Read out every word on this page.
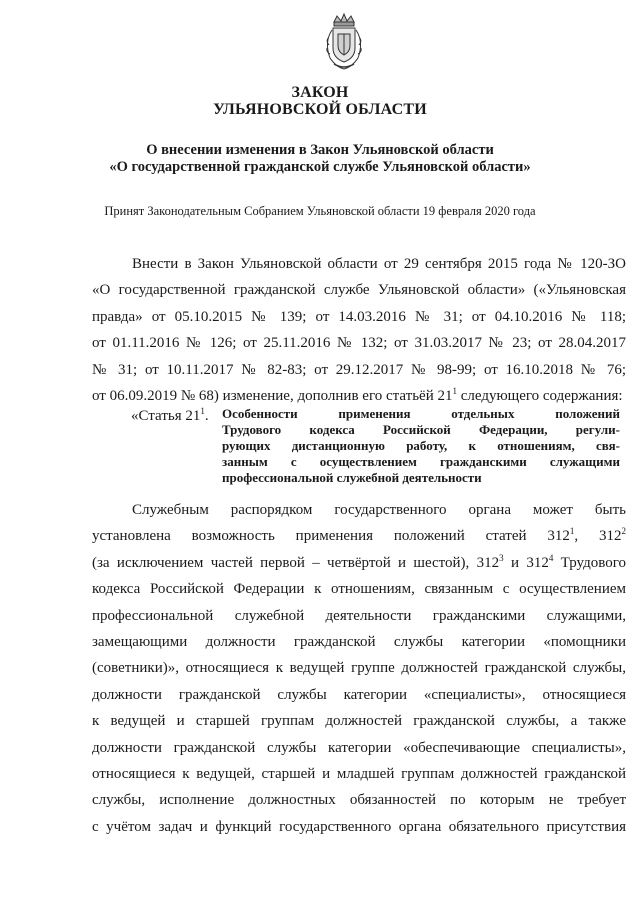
ЗАКОН
УЛЬЯНОВСКОЙ ОБЛАСТИ
О внесении изменения в Закон Ульяновской области
«О государственной гражданской службе Ульяновской области»
Принят Законодательным Собранием Ульяновской области 19 февраля 2020 года
Внести в Закон Ульяновской области от 29 сентября 2015 года № 120-ЗО
«О государственной гражданской службе Ульяновской области» («Ульяновская
правда» от 05.10.2015 № 139; от 14.03.2016 № 31; от 04.10.2016 № 118;
от 01.11.2016 № 126; от 25.11.2016 № 132; от 31.03.2017 № 23; от 28.04.2017
№ 31; от 10.11.2017 № 82-83; от 29.12.2017 № 98-99; от 16.10.2018 № 76;
от 06.09.2019 № 68) изменение, дополнив его статьёй $21^1$ следующего содержания:
«Статья $21^1$. Особенности применения отдельных положений
Трудового кодекса Российской Федерации, регули-
рующих дистанционную работу, к отношениям, свя-
занным с осуществлением гражданскими служащими
профессиональной служебной деятельности
Служебным распорядком государственного органа может быть
установлена возможность применения положений статей $312^1$, $312^2$
(за исключением частей первой – четвёртой и шестой), $312^3$ и $312^4$ Трудового
кодекса Российской Федерации к отношениям, связанным с осуществлением
профессиональной служебной деятельности гражданскими служащими,
замещающими должности гражданской службы категории «помощники
(советники)», относящиеся к ведущей группе должностей гражданской службы,
должности гражданской службы категории «специалисты», относящиеся
к ведущей и старшей группам должностей гражданской службы, а также
должности гражданской службы категории «обеспечивающие специалисты»,
относящиеся к ведущей, старшей и младшей группам должностей гражданской
службы, исполнение должностных обязанностей по которым не требует
с учётом задач и функций государственного органа обязательного присутствия
